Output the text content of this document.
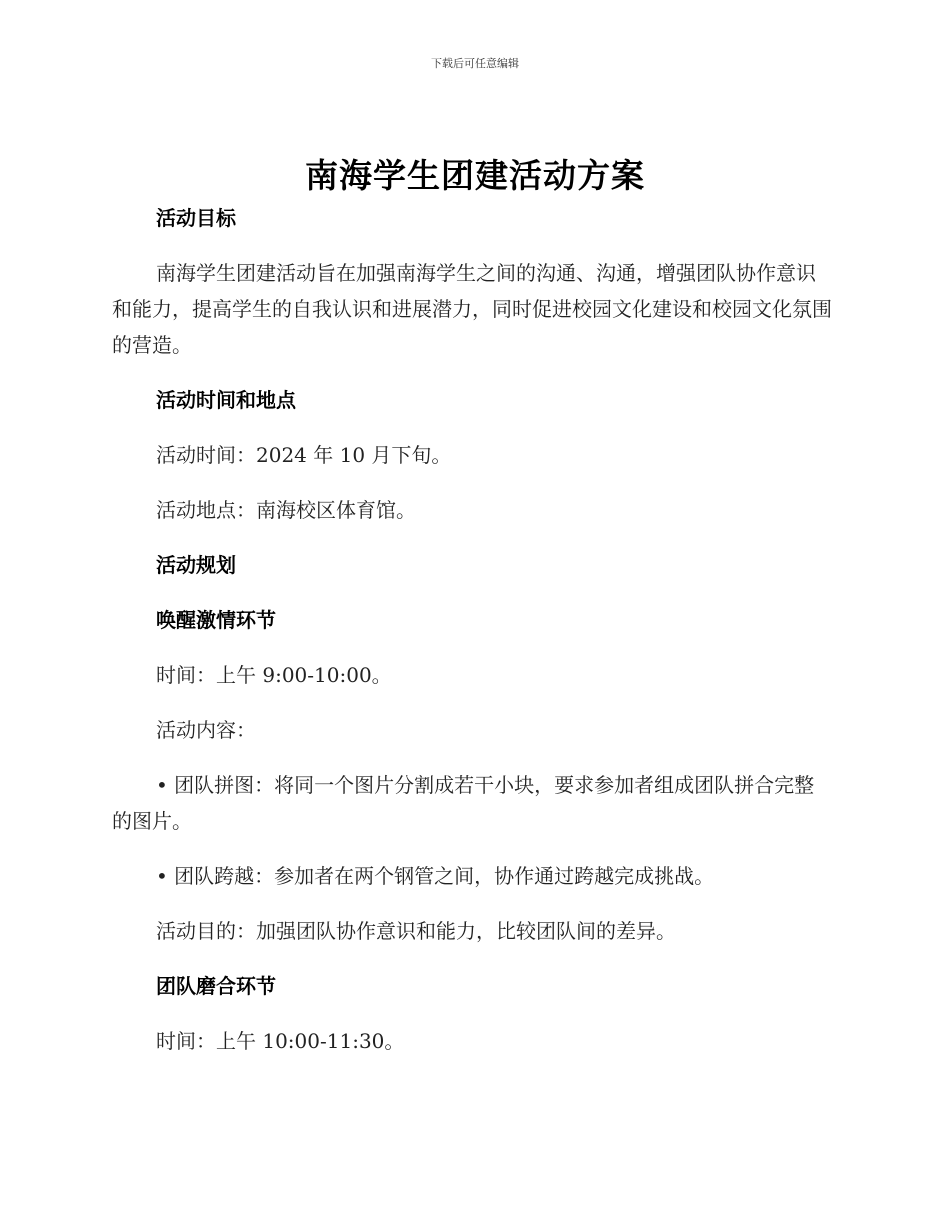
下载后可任意编辑
南海学生团建活动方案

活动目标

南海学生团建活动旨在加强南海学生之间的沟通、沟通，增强团队协作意识和能力，提高学生的自我认识和进展潜力，同时促进校园文化建设和校园文化氛围的营造。

活动时间和地点

活动时间：2024 年 10 月下旬。

活动地点：南海校区体育馆。

活动规划

唤醒激情环节

时间：上午 9:00-10:00。

活动内容：

• 团队拼图：将同一个图片分割成若干小块，要求参加者组成团队拼合完整的图片。

• 团队跨越：参加者在两个钢管之间，协作通过跨越完成挑战。

活动目的：加强团队协作意识和能力，比较团队间的差异。

团队磨合环节

时间：上午 10:00-11:30。
